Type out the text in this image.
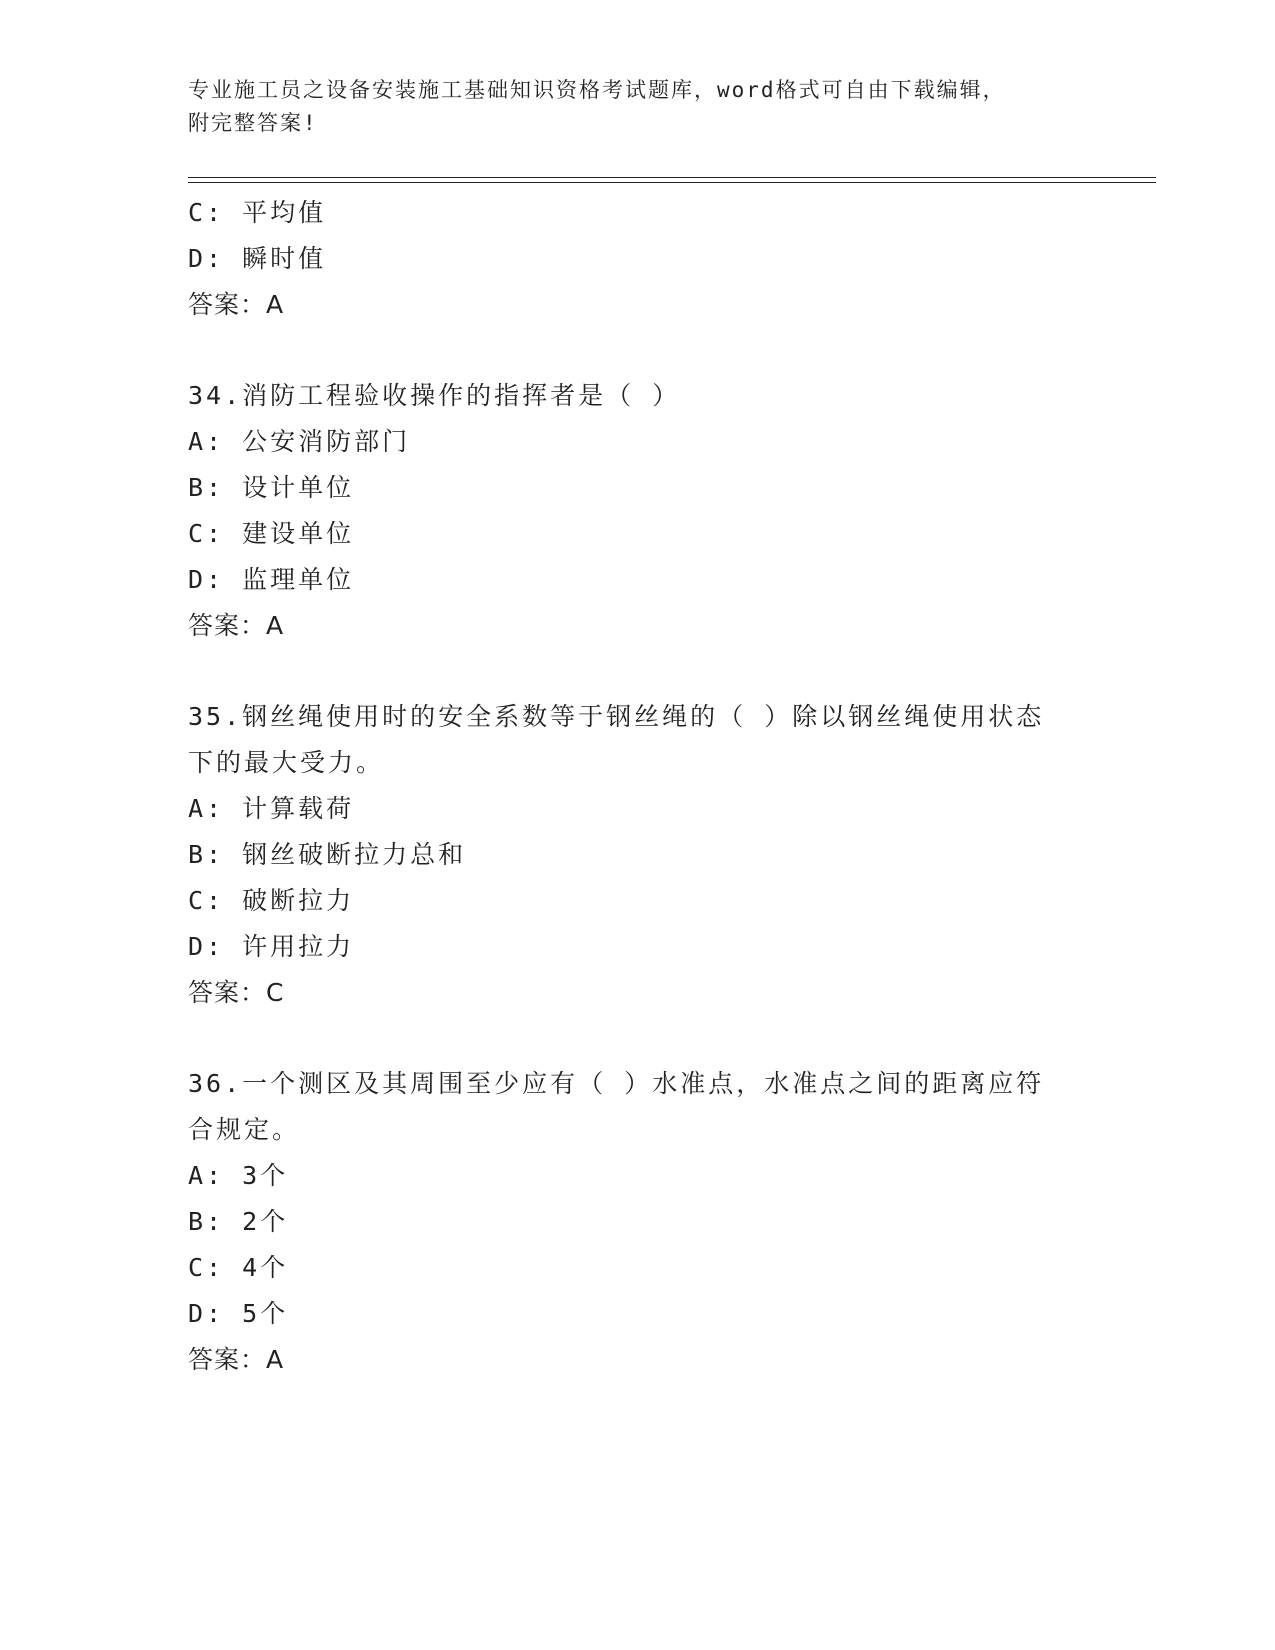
专业施工员之设备安装施工基础知识资格考试题库，word格式可自由下载编辑，
附完整答案!
C: 平均值
D: 瞬时值
答案：A
34.消防工程验收操作的指挥者是（ ）
A: 公安消防部门
B: 设计单位
C: 建设单位
D: 监理单位
答案：A
35.钢丝绳使用时的安全系数等于钢丝绳的（ ）除以钢丝绳使用状态
下的最大受力。
A: 计算载荷
B: 钢丝破断拉力总和
C: 破断拉力
D: 许用拉力
答案：C
36.一个测区及其周围至少应有（ ）水准点，水准点之间的距离应符
合规定。
A: 3个
B: 2个
C: 4个
D: 5个
答案：A
